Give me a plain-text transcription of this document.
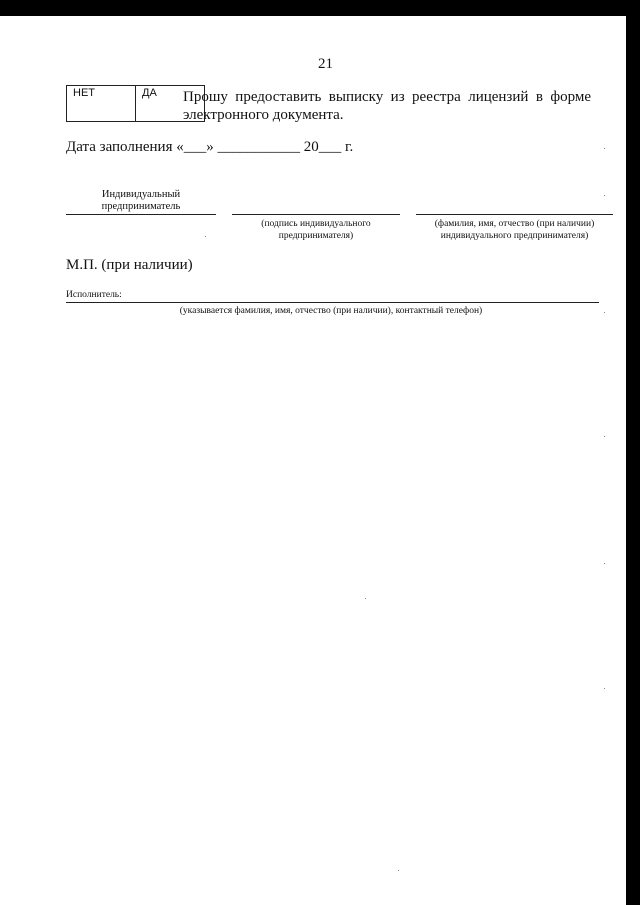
21
НЕТ	ДА Прошу предоставить выписку из реестра лицензий в форме электронного документа.
Дата заполнения «___» ___________ 20___ г.
Индивидуальный предприниматель
(подпись индивидуального предпринимателя)
(фамилия, имя, отчество (при наличии) индивидуального предпринимателя)
М.П. (при наличии)
Исполнитель:
(указывается фамилия, имя, отчество (при наличии), контактный телефон)
